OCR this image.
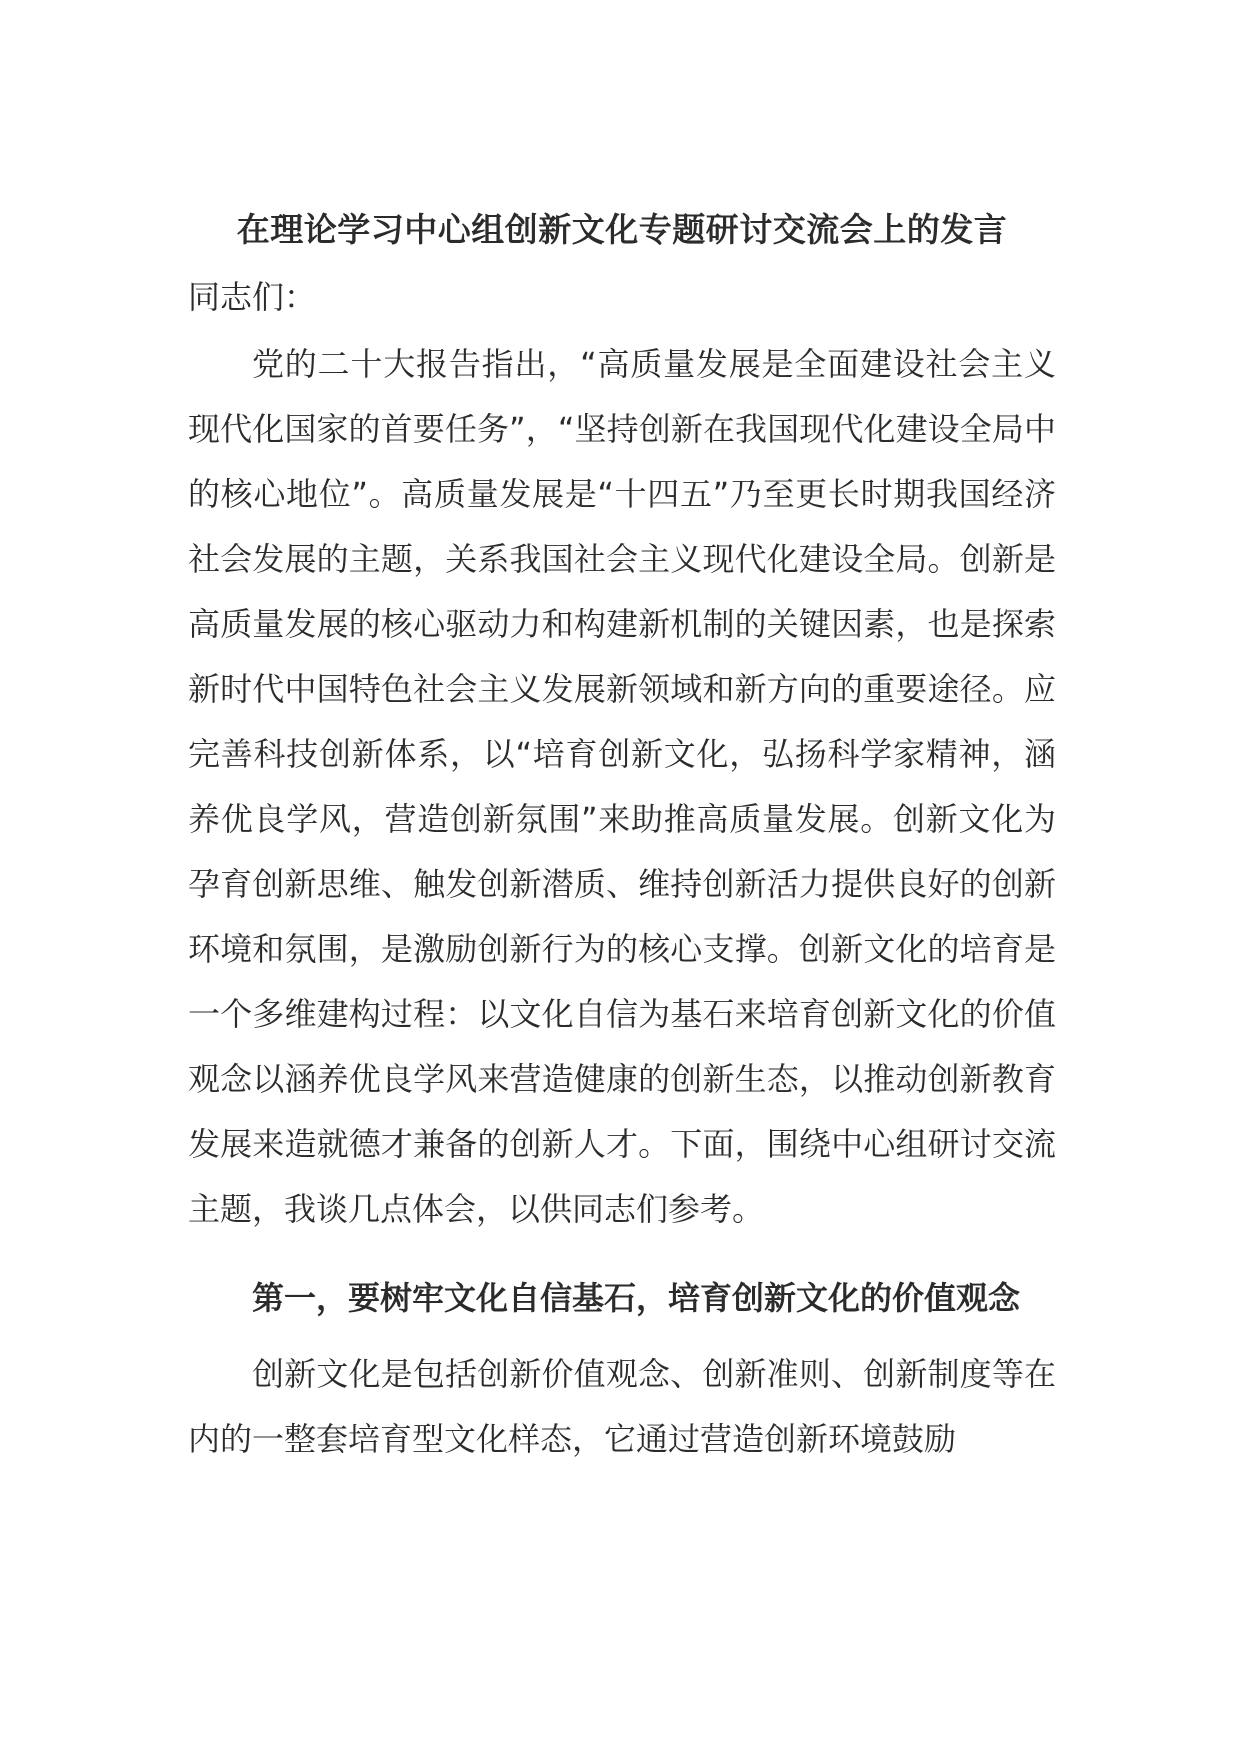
在理论学习中心组创新文化专题研讨交流会上的发言
同志们：

党的二十大报告指出，“高质量发展是全面建设社会主义现代化国家的首要任务”，“坚持创新在我国现代化建设全局中的核心地位”。高质量发展是“十四五”乃至更长时期我国经济社会发展的主题，关系我国社会主义现代化建设全局。创新是高质量发展的核心驱动力和构建新机制的关键因素，也是探索新时代中国特色社会主义发展新领域和新方向的重要途径。应完善科技创新体系，以“培育创新文化，弘扬科学家精神，涵养优良学风，营造创新氛围”来助推高质量发展。创新文化为孕育创新思维、触发创新潜质、维持创新活力提供良好的创新环境和氛围，是激励创新行为的核心支撑。创新文化的培育是一个多维建构过程：以文化自信为基石来培育创新文化的价值观念以涵养优良学风来营造健康的创新生态，以推动创新教育发展来造就德才兼备的创新人才。下面，围绕中心组研讨交流主题，我谈几点体会，以供同志们参考。

第一，要树牢文化自信基石，培育创新文化的价值观念

创新文化是包括创新价值观念、创新准则、创新制度等在内的一整套培育型文化样态，它通过营造创新环境鼓励
